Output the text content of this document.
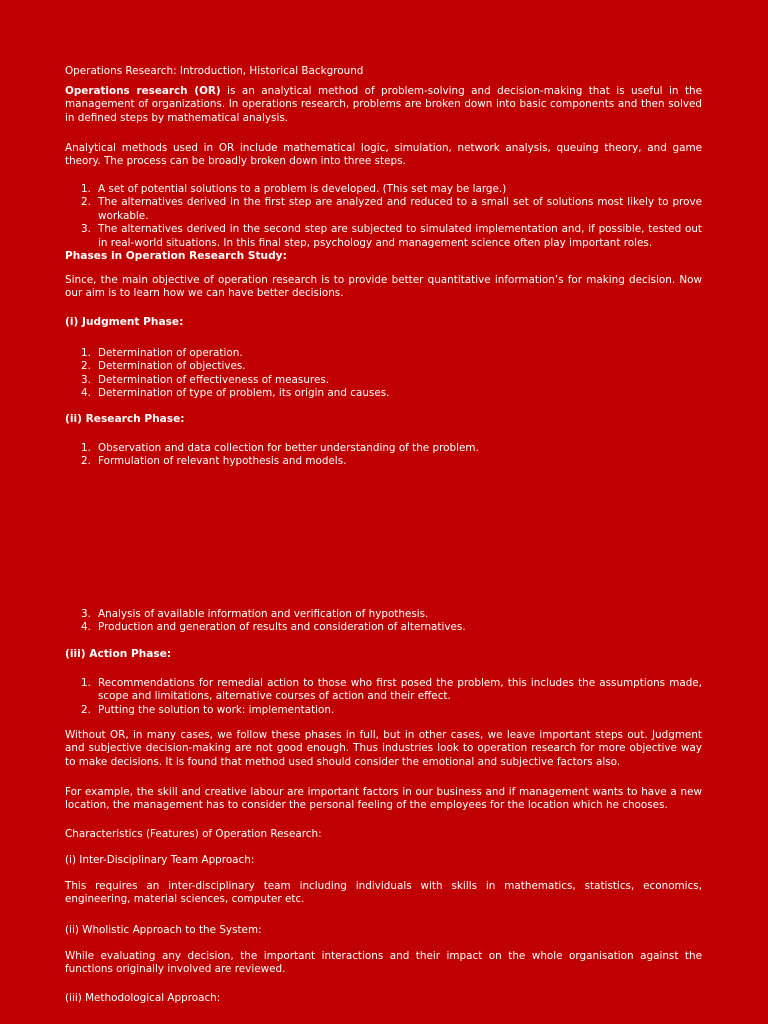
Operations Research: Introduction, Historical Background

Operations research (OR) is an analytical method of problem-solving and decision-making that is useful in the management of organizations. In operations research, problems are broken down into basic components and then solved in defined steps by mathematical analysis.

Analytical methods used in OR include mathematical logic, simulation, network analysis, queuing theory, and game theory. The process can be broadly broken down into three steps.

1. A set of potential solutions to a problem is developed. (This set may be large.)
2. The alternatives derived in the first step are analyzed and reduced to a small set of solutions most likely to prove workable.
3. The alternatives derived in the second step are subjected to simulated implementation and, if possible, tested out in real-world situations. In this final step, psychology and management science often play important roles.
Phases in Operation Research Study:

Since, the main objective of operation research is to provide better quantitative information’s for making decision. Now our aim is to learn how we can have better decisions.

(i) Judgment Phase:
1. Determination of operation.
2. Determination of objectives.
3. Determination of effectiveness of measures.
4. Determination of type of problem, its origin and causes.
(ii) Research Phase:
1. Observation and data collection for better understanding of the problem.
2. Formulation of relevant hypothesis and models.
3. Analysis of available information and verification of hypothesis.
4. Production and generation of results and consideration of alternatives.
(iii) Action Phase:
1. Recommendations for remedial action to those who first posed the problem, this includes the assumptions made, scope and limitations, alternative courses of action and their effect.
2. Putting the solution to work: implementation.

Without OR, in many cases, we follow these phases in full, but in other cases, we leave important steps out. Judgment and subjective decision-making are not good enough. Thus industries look to operation research for more objective way to make decisions. It is found that method used should consider the emotional and subjective factors also.

For example, the skill and creative labour are important factors in our business and if management wants to have a new location, the management has to consider the personal feeling of the employees for the location which he chooses.

Characteristics (Features) of Operation Research:

(i) Inter-Disciplinary Team Approach:

This requires an inter-disciplinary team including individuals with skills in mathematics, statistics, economics, engineering, material sciences, computer etc.

(ii) Wholistic Approach to the System:

While evaluating any decision, the important interactions and their impact on the whole organisation against the functions originally involved are reviewed.

(iii) Methodological Approach:
